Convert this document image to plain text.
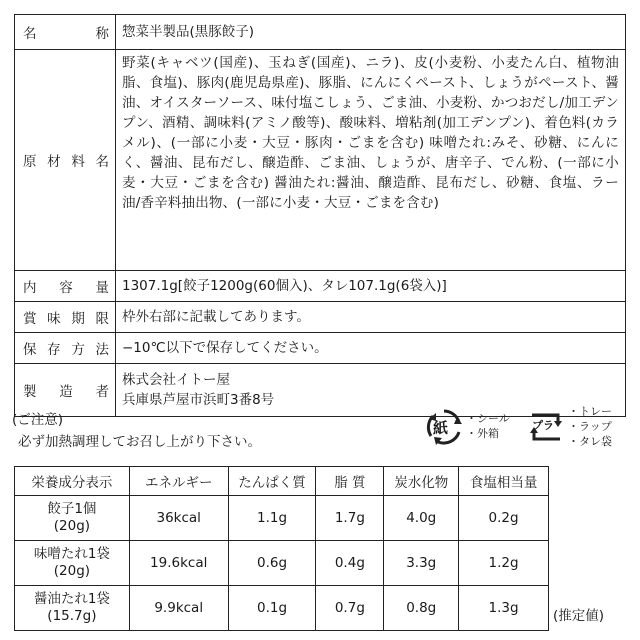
名 称	惣菜半製品(黒豚餃子)
原材料名	野菜(キャベツ(国産)、玉ねぎ(国産)、ニラ)、皮(小麦粉、小麦たん白、植物油脂、食塩)、豚肉(鹿児島県産)、豚脂、にんにくペースト、しょうがペースト、醤油、オイスターソース、味付塩こしょう、ごま油、小麦粉、かつおだし/加工デンプン、酒精、調味料(アミノ酸等)、酸味料、増粘剤(加工デンプン)、着色料(カラメル)、(一部に小麦・大豆・豚肉・ごまを含む) 味噌たれ:みそ、砂糖、にんにく、醤油、昆布だし、醸造酢、ごま油、しょうが、唐辛子、でん粉、(一部に小麦・大豆・ごまを含む) 醤油たれ:醤油、醸造酢、昆布だし、砂糖、食塩、ラー油/香辛料抽出物、(一部に小麦・大豆・ごまを含む)

内 容 量	1307.1g[餃子1200g(60個入)、タレ107.1g(6袋入)]
賞味期限	枠外右部に記載してあります。
保存方法	−10℃以下で保存してください。
製 造 者	株式会社イトー屋
兵庫県芦屋市浜町3番8号
(ご注意)
必ず加熱調理してお召し上がり下さい。
紙
・シール
・外箱
プラ
・トレー
・ラップ
・タレ袋
栄養成分表示	エネルギー	たんぱく質	脂 質	炭水化物	食塩相当量

餃子1個
(20g)	36kcal	1.1g	1.7g	4.0g	0.2g

味噌たれ1袋
(20g)	19.6kcal	0.6g	0.4g	3.3g	1.2g

醤油たれ1袋
(15.7g)	9.9kcal	0.1g	0.7g	0.8g	1.3g	(推定値)
